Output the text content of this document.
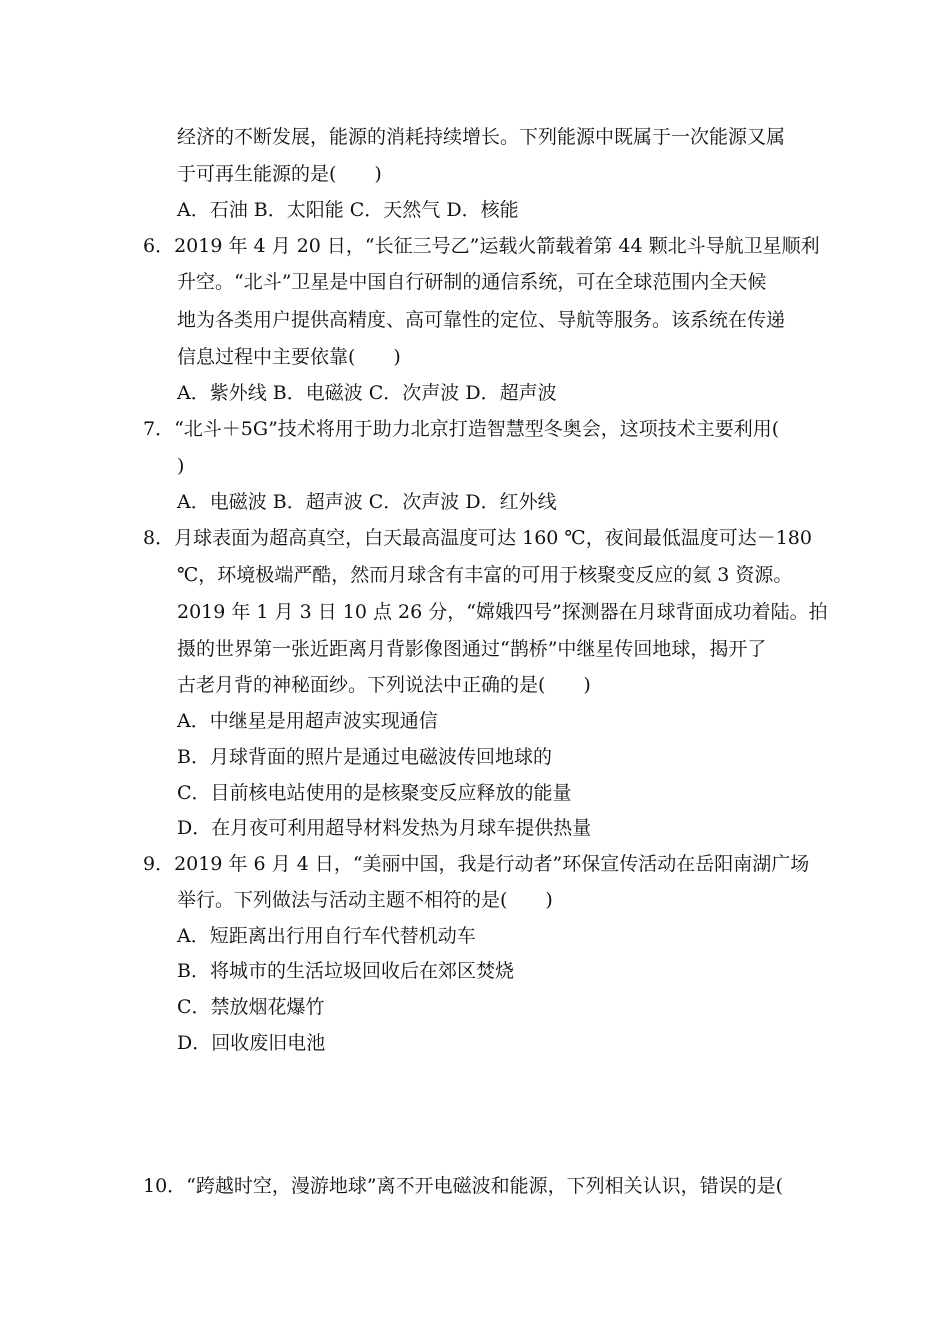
经济的不断发展，能源的消耗持续增长。下列能源中既属于一次能源又属

于可再生能源的是(　　)

A．石油 B．太阳能 C．天然气 D．核能

6．2019 年 4 月 20 日，“长征三号乙”运载火箭载着第 44 颗北斗导航卫星顺利

升空。“北斗”卫星是中国自行研制的通信系统，可在全球范围内全天候

地为各类用户提供高精度、高可靠性的定位、导航等服务。该系统在传递

信息过程中主要依靠(　　)

A．紫外线 B．电磁波 C．次声波 D．超声波

7．“北斗＋5G”技术将用于助力北京打造智慧型冬奥会，这项技术主要利用(

)

A．电磁波 B．超声波 C．次声波 D．红外线

8．月球表面为超高真空，白天最高温度可达 160 ℃，夜间最低温度可达－180

℃，环境极端严酷，然而月球含有丰富的可用于核聚变反应的氦 3 资源。

2019 年 1 月 3 日 10 点 26 分，“嫦娥四号”探测器在月球背面成功着陆。拍

摄的世界第一张近距离月背影像图通过“鹊桥”中继星传回地球，揭开了

古老月背的神秘面纱。下列说法中正确的是(　　)

A．中继星是用超声波实现通信

B．月球背面的照片是通过电磁波传回地球的

C．目前核电站使用的是核聚变反应释放的能量

D．在月夜可利用超导材料发热为月球车提供热量

9．2019 年 6 月 4 日，“美丽中国，我是行动者”环保宣传活动在岳阳南湖广场

举行。下列做法与活动主题不相符的是(　　)

A．短距离出行用自行车代替机动车

B．将城市的生活垃圾回收后在郊区焚烧

C．禁放烟花爆竹

D．回收废旧电池

10．“跨越时空，漫游地球”离不开电磁波和能源，下列相关认识，错误的是(
